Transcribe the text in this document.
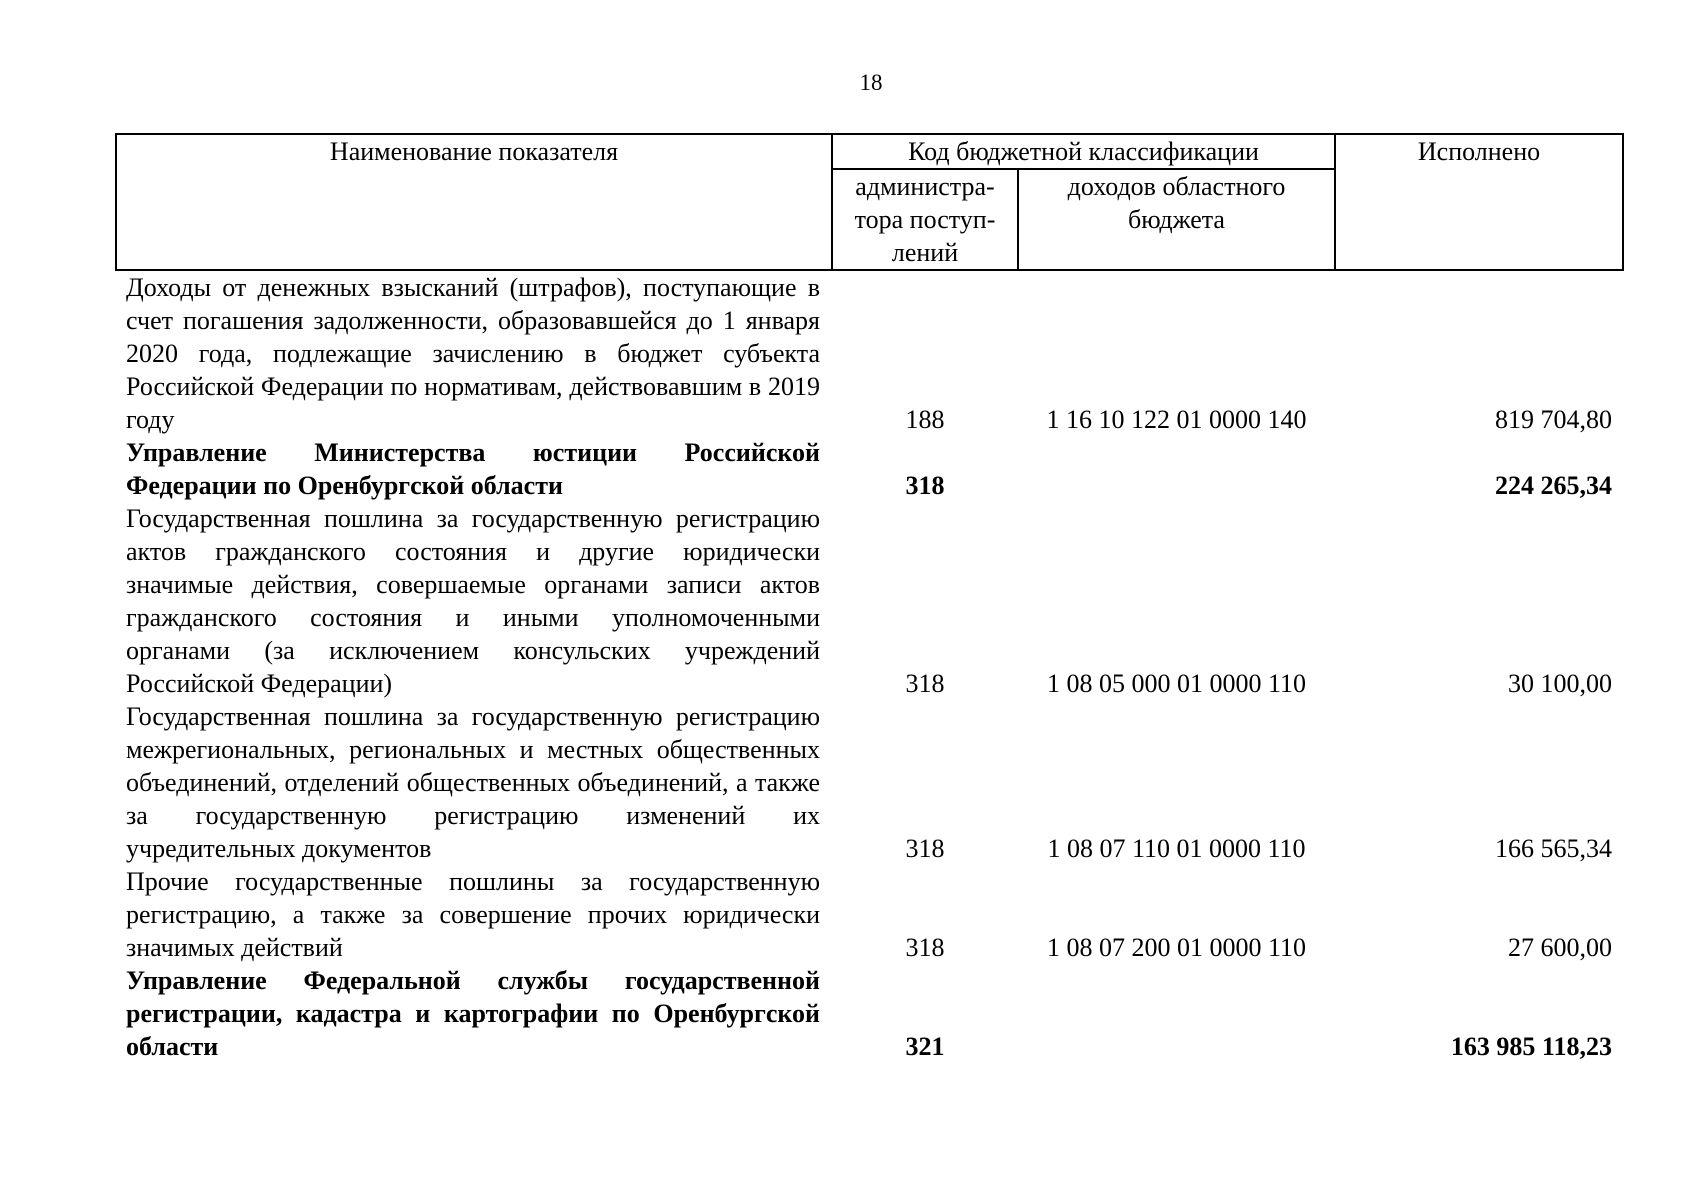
18
Наименование показателя	Код бюджетной классификации		Исполнено
	администра-тора поступ-лений	доходов областного бюджета	
Доходы от денежных взысканий (штрафов), поступающие в счет погашения задолженности, образовавшейся до 1 января 2020 года, подлежащие зачислению в бюджет субъекта Российской Федерации по нормативам, действовавшим в 2019 году	188	1 16 10 122 01 0000 140	819 704,80
Управление Министерства юстиции Российской Федерации по Оренбургской области	318		224 265,34
Государственная пошлина за государственную регистрацию актов гражданского состояния и другие юридически значимые действия, совершаемые органами записи актов гражданского состояния и иными уполномоченными органами (за исключением консульских учреждений Российской Федерации)	318	1 08 05 000 01 0000 110	30 100,00
Государственная пошлина за государственную регистрацию межрегиональных, региональных и местных общественных объединений, отделений общественных объединений, а также за государственную регистрацию изменений их учредительных документов	318	1 08 07 110 01 0000 110	166 565,34
Прочие государственные пошлины за государственную регистрацию, а также за совершение прочих юридически значимых действий	318	1 08 07 200 01 0000 110	27 600,00
Управление Федеральной службы государственной регистрации, кадастра и картографии по Оренбургской области	321		163 985 118,23
